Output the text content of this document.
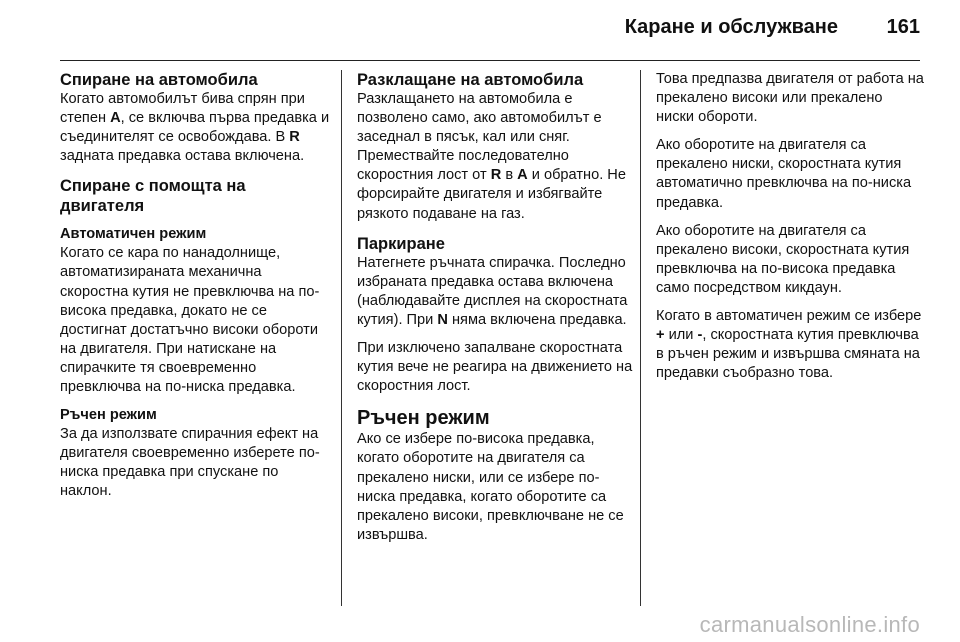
Каране и обслужване 161
Спиране на автомобила

Когато автомобилът бива спрян при степен A, се включва първа предавка и съединителят се освобождава. В R задната предавка остава включена.

Спиране с помощта на двигателя
Автоматичен режим

Когато се кара по нанадолнище, автоматизираната механична скоростна кутия не превключва на по-висока предавка, докато не се достигнат достатъчно високи обороти на двигателя. При натискане на спирачките тя своевременно превключва на по-ниска предавка.

Ръчен режим

За да използвате спирачния ефект на двигателя своевременно изберете по-ниска предавка при спускане по наклон.

Разклащане на автомобила

Разклащането на автомобила е позволено само, ако автомобилът е заседнал в пясък, кал или сняг. Премествайте последователно скоростния лост от R в A и обратно. Не форсирайте двигателя и избягвайте рязкото подаване на газ.

Паркиране

Натегнете ръчната спирачка. Последно избраната предавка остава включена (наблюдавайте дисплея на скоростната кутия). При N няма включена предавка.

При изключено запалване скоростната кутия вече не реагира на движението на скоростния лост.

Ръчен режим

Ако се избере по-висока предавка, когато оборотите на двигателя са прекалено ниски, или се избере по-ниска предавка, когато оборотите са прекалено високи, превключване не се извършва.

Това предпазва двигателя от работа на прекалено високи или прекалено ниски обороти.

Ако оборотите на двигателя са прекалено ниски, скоростната кутия автоматично превключва на по-ниска предавка.

Ако оборотите на двигателя са прекалено високи, скоростната кутия превключва на по-висока предавка само посредством кикдаун.

Когато в автоматичен режим се избере + или -, скоростната кутия превключва в ръчен режим и извършва смяната на предавки съобразно това.

carmanualsonline.info
